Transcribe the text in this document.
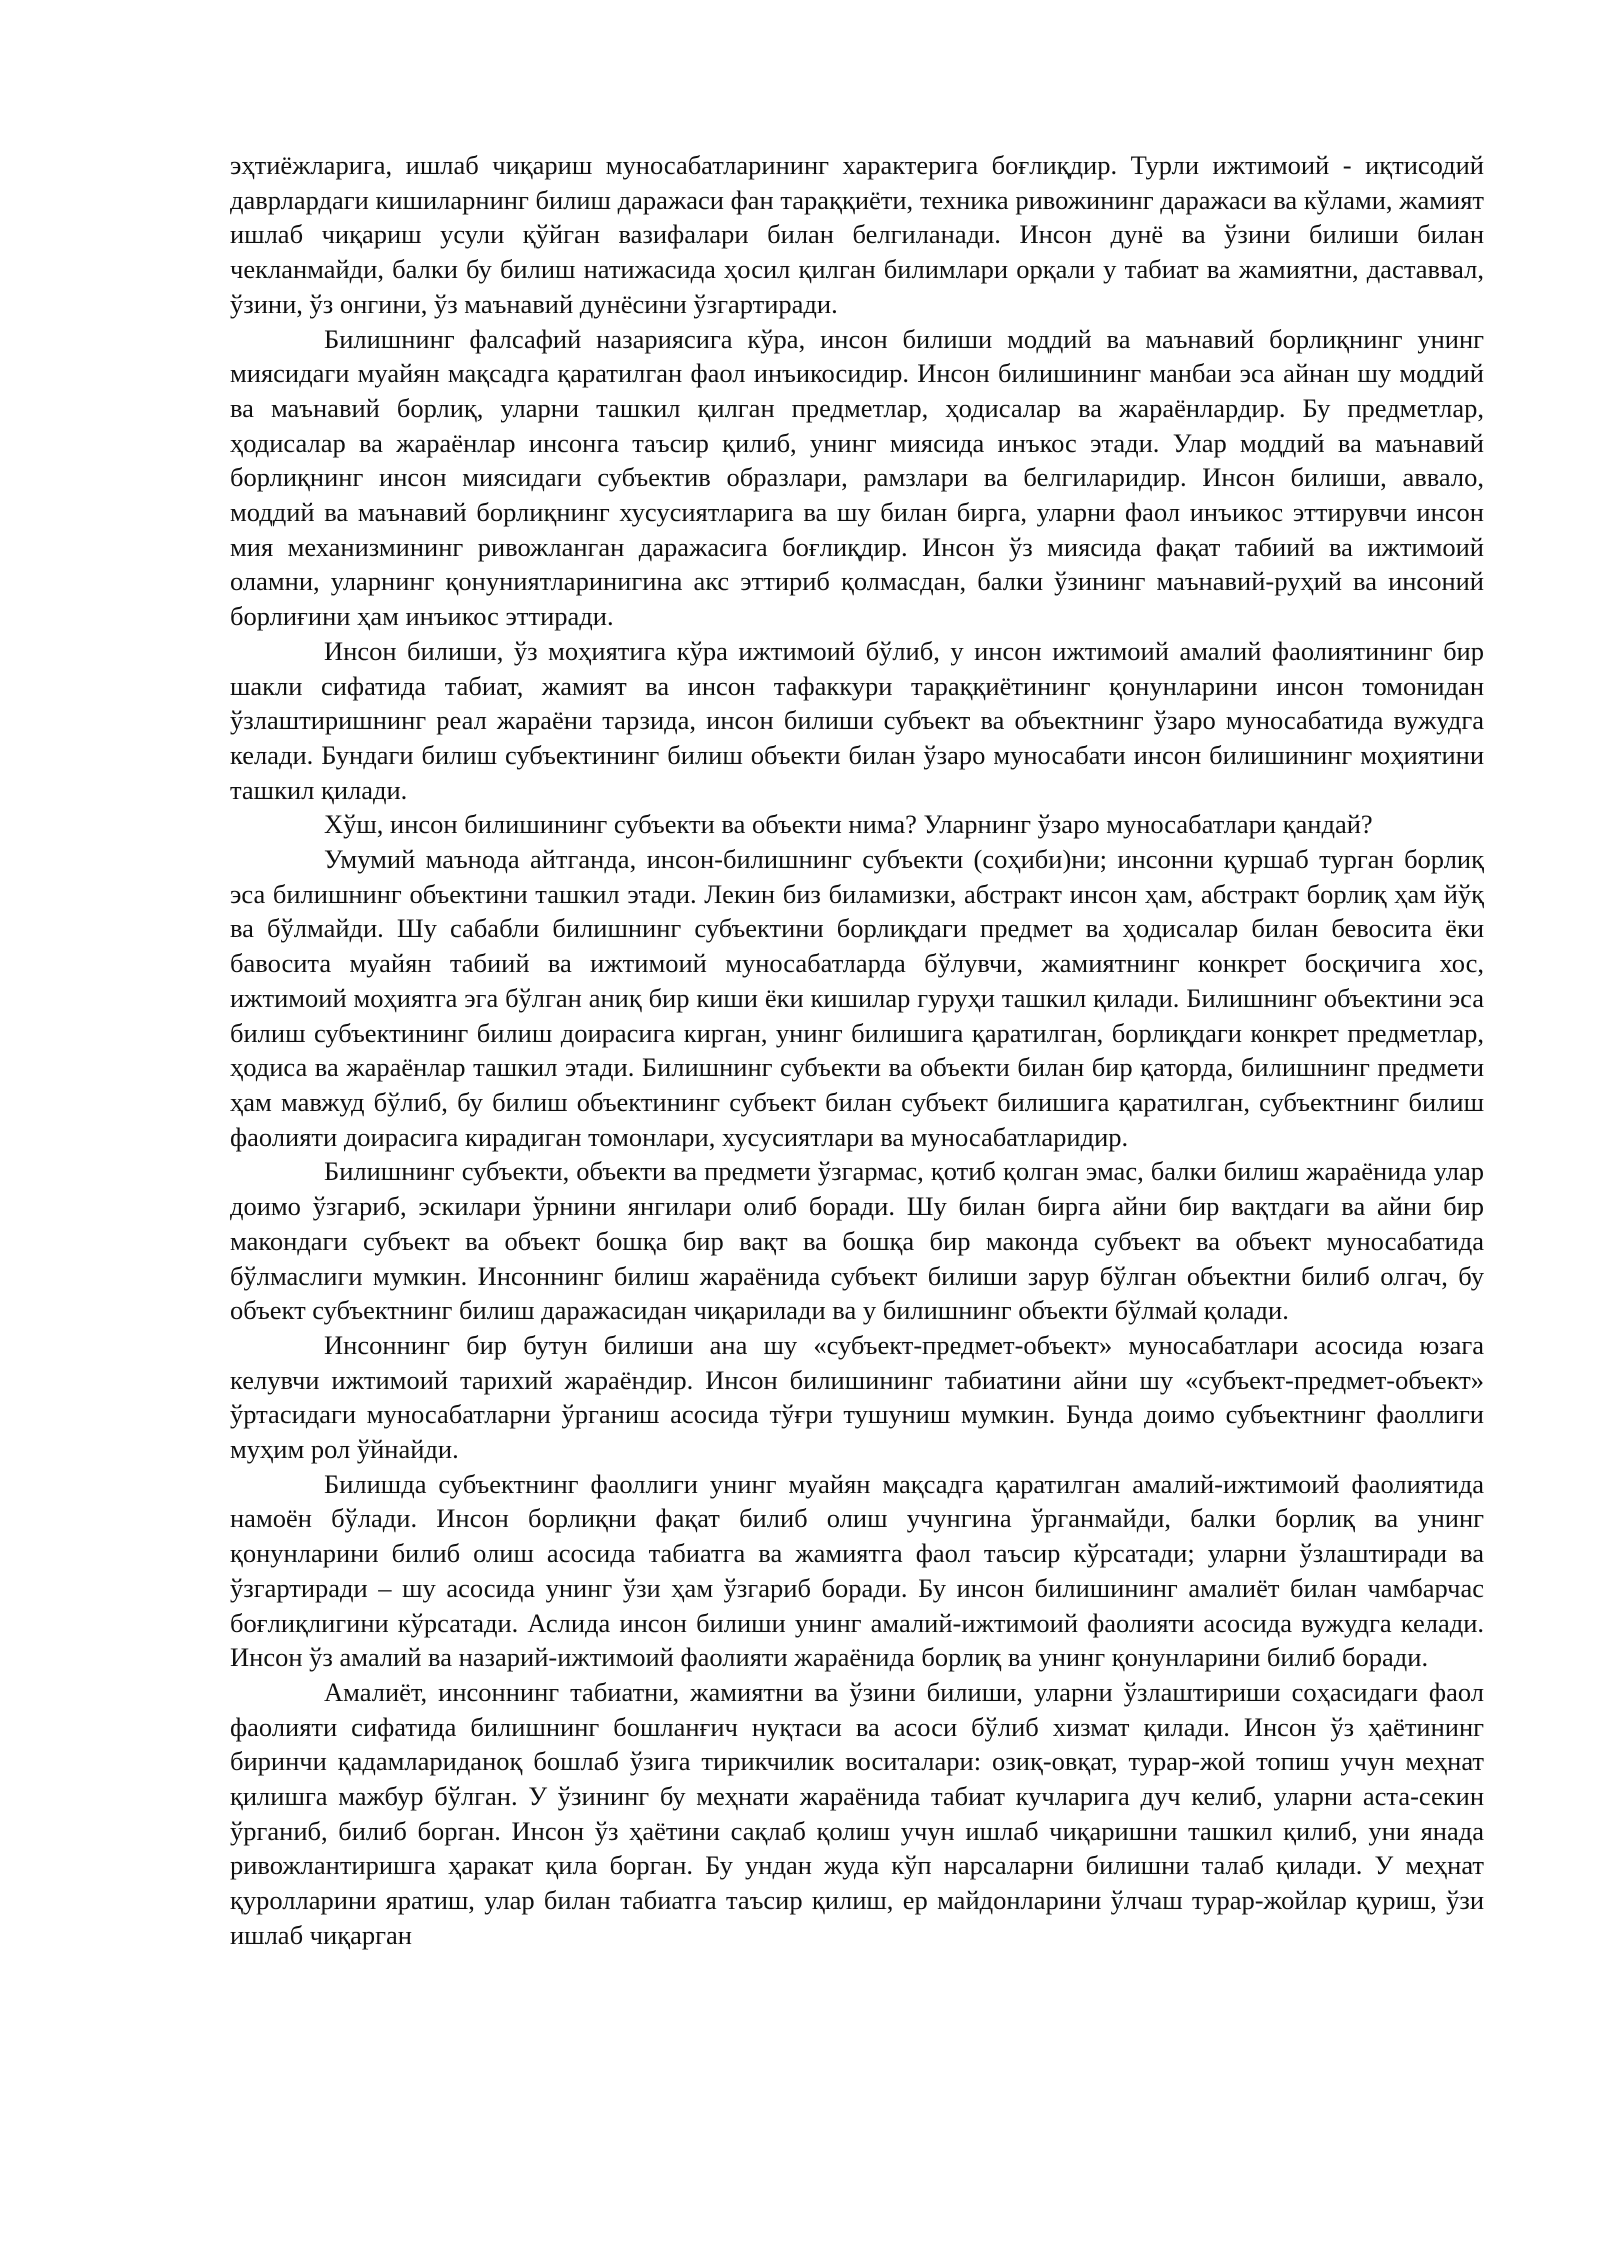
эҳтиёжларига, ишлаб чиқариш муносабатларининг характерига боғлиқдир. Турли ижтимоий - иқтисодий даврлардаги кишиларнинг билиш даражаси фан тараққиёти, техника ривожининг даражаси ва кўлами, жамият ишлаб чиқариш усули қўйган вазифалари билан белгиланади. Инсон дунё ва ўзини билиши билан чекланмайди, балки бу билиш натижасида ҳосил қилган билимлари орқали у табиат ва жамиятни, даставвал, ўзини, ўз онгини, ўз маънавий дунёсини ўзгартиради.

Билишнинг фалсафий назариясига кўра, инсон билиши моддий ва маънавий борлиқнинг унинг миясидаги муайян мақсадга қаратилган фаол инъикосидир. Инсон билишининг манбаи эса айнан шу моддий ва маънавий борлиқ, уларни ташкил қилган предметлар, ҳодисалар ва жараёнлардир. Бу предметлар, ҳодисалар ва жараёнлар инсонга таъсир қилиб, унинг миясида инъкос этади. Улар моддий ва маънавий борлиқнинг инсон миясидаги субъектив образлари, рамзлари ва белгиларидир. Инсон билиши, аввало, моддий ва маънавий борлиқнинг хусусиятларига ва шу билан бирга, уларни фаол инъикос эттирувчи инсон мия механизмининг ривожланган даражасига боғлиқдир. Инсон ўз миясида фақат табиий ва ижтимоий оламни, уларнинг қонуниятларинигина акс эттириб қолмасдан, балки ўзининг маънавий-руҳий ва инсоний борлиғини ҳам инъикос эттиради.

Инсон билиши, ўз моҳиятига кўра ижтимоий бўлиб, у инсон ижтимоий амалий фаолиятининг бир шакли сифатида табиат, жамият ва инсон тафаккури тараққиётининг қонунларини инсон томонидан ўзлаштиришнинг реал жараёни тарзида, инсон билиши субъект ва объектнинг ўзаро муносабатида вужудга келади. Бундаги билиш субъектининг билиш объекти билан ўзаро муносабати инсон билишининг моҳиятини ташкил қилади.

Хўш, инсон билишининг субъекти ва объекти нима? Уларнинг ўзаро муносабатлари қандай?

Умумий маънода айтганда, инсон-билишнинг субъекти (соҳиби)ни; инсонни қуршаб турган борлиқ эса билишнинг объектини ташкил этади. Лекин биз биламизки, абстракт инсон ҳам, абстракт борлиқ ҳам йўқ ва бўлмайди. Шу сабабли билишнинг субъектини борлиқдаги предмет ва ҳодисалар билан бевосита ёки бавосита муайян табиий ва ижтимоий муносабатларда бўлувчи, жамиятнинг конкрет босқичига хос, ижтимоий моҳиятга эга бўлган аниқ бир киши ёки кишилар гуруҳи ташкил қилади. Билишнинг объектини эса билиш субъектининг билиш доирасига кирган, унинг билишига қаратилган, борлиқдаги конкрет предметлар, ҳодиса ва жараёнлар ташкил этади. Билишнинг субъекти ва объекти билан бир қаторда, билишнинг предмети ҳам мавжуд бўлиб, бу билиш объектининг субъект билан субъект билишига қаратилган, субъектнинг билиш фаолияти доирасига кирадиган томонлари, хусусиятлари ва муносабатларидир.

Билишнинг субъекти, объекти ва предмети ўзгармас, қотиб қолган эмас, балки билиш жараёнида улар доимо ўзгариб, эскилари ўрнини янгилари олиб боради. Шу билан бирга айни бир вақтдаги ва айни бир макондаги субъект ва объект бошқа бир вақт ва бошқа бир маконда субъект ва объект муносабатида бўлмаслиги мумкин. Инсоннинг билиш жараёнида субъект билиши зарур бўлган объектни билиб олгач, бу объект субъектнинг билиш даражасидан чиқарилади ва у билишнинг объекти бўлмай қолади.

Инсоннинг бир бутун билиши ана шу «субъект-предмет-объект» муносабатлари асосида юзага келувчи ижтимоий тарихий жараёндир. Инсон билишининг табиатини айни шу «субъект-предмет-объект» ўртасидаги муносабатларни ўрганиш асосида тўғри тушуниш мумкин. Бунда доимо субъектнинг фаоллиги муҳим рол ўйнайди.

Билишда субъектнинг фаоллиги унинг муайян мақсадга қаратилган амалий-ижтимоий фаолиятида намоён бўлади. Инсон борлиқни фақат билиб олиш учунгина ўрганмайди, балки борлиқ ва унинг қонунларини билиб олиш асосида табиатга ва жамиятга фаол таъсир кўрсатади; уларни ўзлаштиради ва ўзгартиради – шу асосида унинг ўзи ҳам ўзгариб боради. Бу инсон билишининг амалиёт билан чамбарчас боғлиқлигини кўрсатади. Аслида инсон билиши унинг амалий-ижтимоий фаолияти асосида вужудга келади. Инсон ўз амалий ва назарий-ижтимоий фаолияти жараёнида борлиқ ва унинг қонунларини билиб боради.

Амалиёт, инсоннинг табиатни, жамиятни ва ўзини билиши, уларни ўзлаштириши соҳасидаги фаол фаолияти сифатида билишнинг бошланғич нуқтаси ва асоси бўлиб хизмат қилади. Инсон ўз ҳаётининг биринчи қадамлариданоқ бошлаб ўзига тирикчилик воситалари: озиқ-овқат, турар-жой топиш учун меҳнат қилишга мажбур бўлган. У ўзининг бу меҳнати жараёнида табиат кучларига дуч келиб, уларни аста-секин ўрганиб, билиб борган. Инсон ўз ҳаётини сақлаб қолиш учун ишлаб чиқаришни ташкил қилиб, уни янада ривожлантиришга ҳаракат қила борган. Бу ундан жуда кўп нарсаларни билишни талаб қилади. У меҳнат қуролларини яратиш, улар билан табиатга таъсир қилиш, ер майдонларини ўлчаш турар-жойлар қуриш, ўзи ишлаб чиқарган
